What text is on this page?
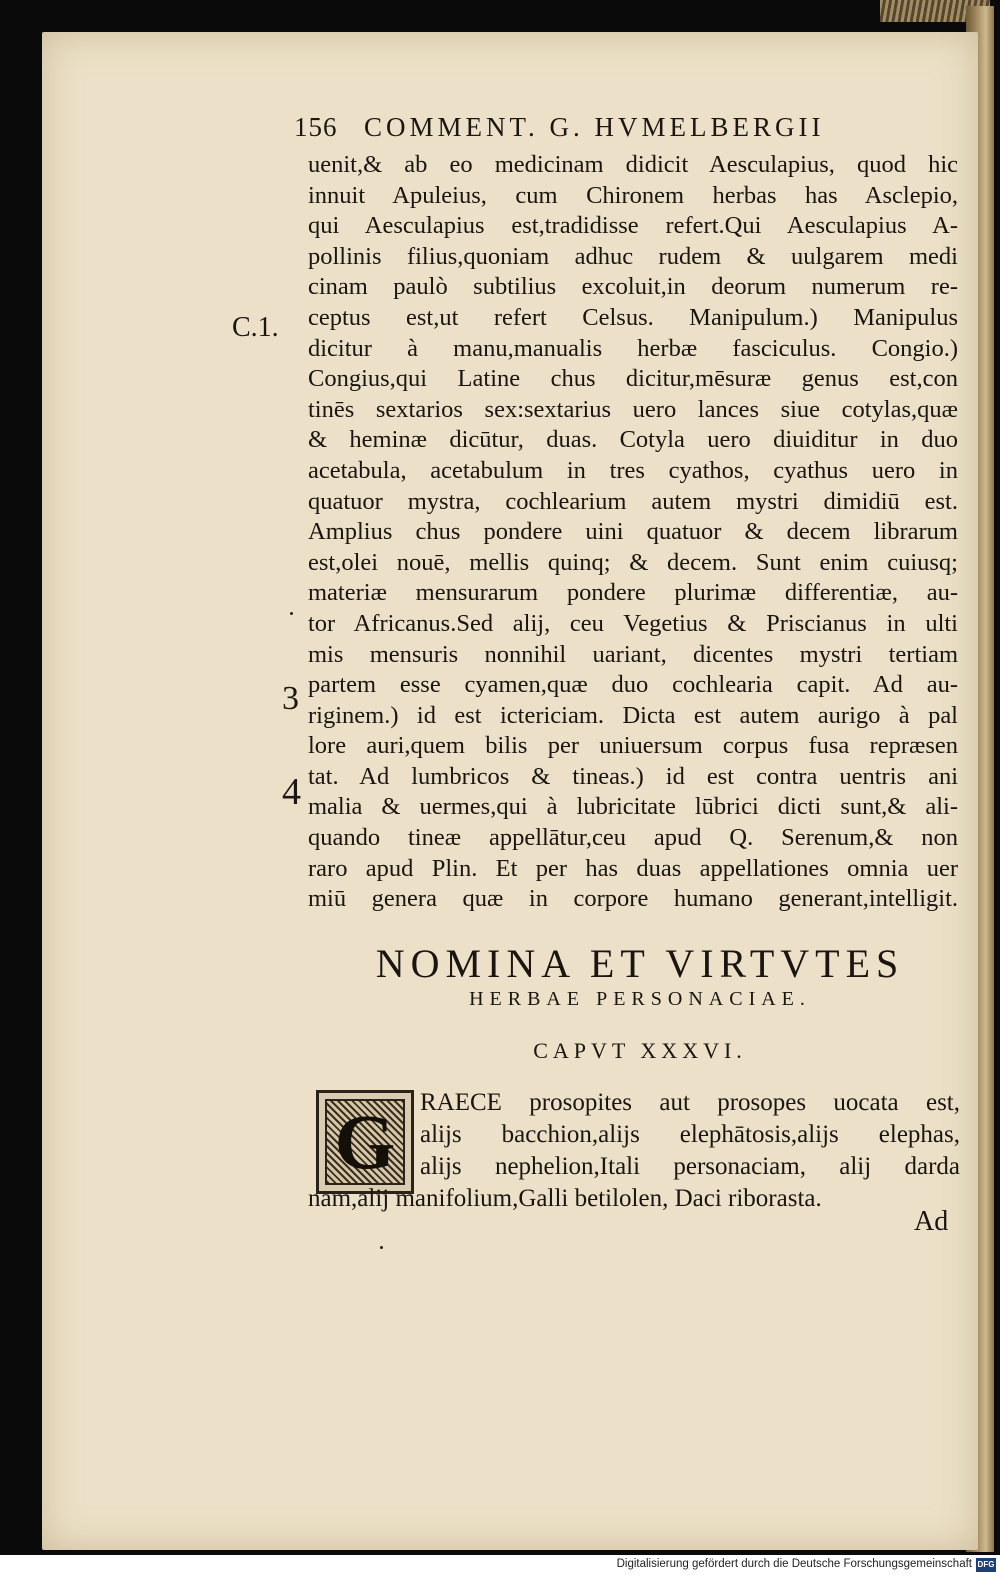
156 COMMENT. G. HVMELBERGII
C.1.
3
4
uenit,& ab eo medicinam didicit Aesculapius, quod hic
innuit Apuleius, cum Chironem herbas has Asclepio,
qui Aesculapius est,tradidisse refert.Qui Aesculapius A-
pollinis filius,quoniam adhuc rudem & uulgarem medi
cinam paulò subtilius excoluit,in deorum numerum re-
ceptus est,ut refert Celsus. Manipulum.) Manipulus
dicitur à manu,manualis herbæ fasciculus. Congio.)
Congius,qui Latine chus dicitur,mēsuræ genus est,con
tinēs sextarios sex:sextarius uero lances siue cotylas,quæ
& heminæ dicūtur, duas. Cotyla uero diuiditur in duo
acetabula, acetabulum in tres cyathos, cyathus uero in
quatuor mystra, cochlearium autem mystri dimidiū est.
Amplius chus pondere uini quatuor & decem librarum
est,olei nouē, mellis quinq; & decem. Sunt enim cuiusq;
materiæ mensurarum pondere plurimæ differentiæ, au-
tor Africanus.Sed alij, ceu Vegetius & Priscianus in ulti
mis mensuris nonnihil uariant, dicentes mystri tertiam
partem esse cyamen,quæ duo cochlearia capit. Ad au-
riginem.) id est ictericiam. Dicta est autem aurigo à pal
lore auri,quem bilis per uniuersum corpus fusa repræsen
tat. Ad lumbricos & tineas.) id est contra uentris ani
malia & uermes,qui à lubricitate lūbrici dicti sunt,& ali-
quando tineæ appellātur,ceu apud Q. Serenum,& non
raro apud Plin. Et per has duas appellationes omnia uer
miū genera quæ in corpore humano generant,intelligit.
NOMINA ET VIRTVTES
HERBAE PERSONACIAE.
CAPVT XXXVI.
G RAECE prosopites aut prosopes uocata est,
alijs bacchion,alijs elephātosis,alijs elephas,
alijs nephelion,Itali personaciam, alij darda
nam,alij manifolium,Galli betilolen, Daci riborasta.
Ad
Digitalisierung gefördert durch die Deutsche Forschungsgemeinschaft DFG
